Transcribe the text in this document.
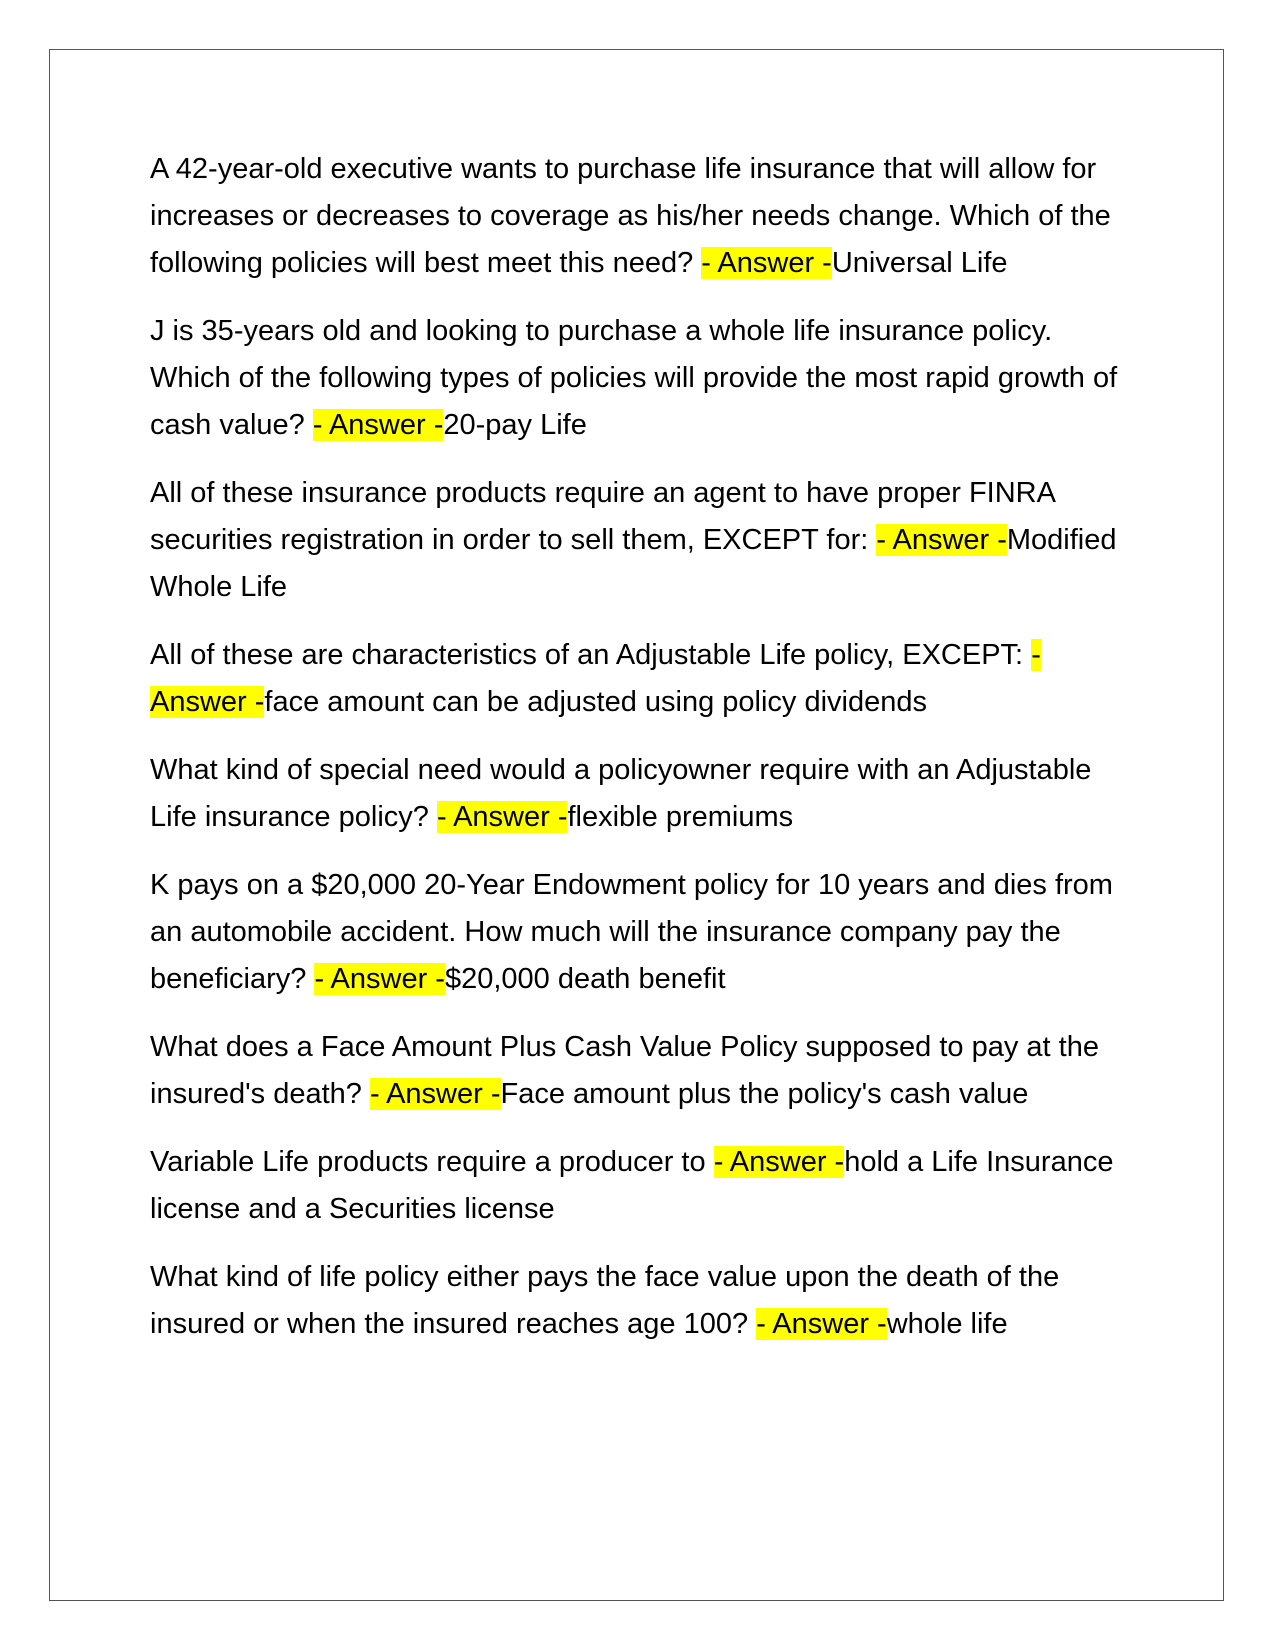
A 42-year-old executive wants to purchase life insurance that will allow for increases or decreases to coverage as his/her needs change. Which of the following policies will best meet this need? - Answer -Universal Life

J is 35-years old and looking to purchase a whole life insurance policy. Which of the following types of policies will provide the most rapid growth of cash value? - Answer -20-pay Life

All of these insurance products require an agent to have proper FINRA securities registration in order to sell them, EXCEPT for: - Answer -Modified Whole Life

All of these are characteristics of an Adjustable Life policy, EXCEPT: - Answer -face amount can be adjusted using policy dividends

What kind of special need would a policyowner require with an Adjustable Life insurance policy? - Answer -flexible premiums

K pays on a $20,000 20-Year Endowment policy for 10 years and dies from an automobile accident. How much will the insurance company pay the beneficiary? - Answer -$20,000 death benefit

What does a Face Amount Plus Cash Value Policy supposed to pay at the insured's death? - Answer -Face amount plus the policy's cash value

Variable Life products require a producer to - Answer -hold a Life Insurance license and a Securities license

What kind of life policy either pays the face value upon the death of the insured or when the insured reaches age 100? - Answer -whole life
